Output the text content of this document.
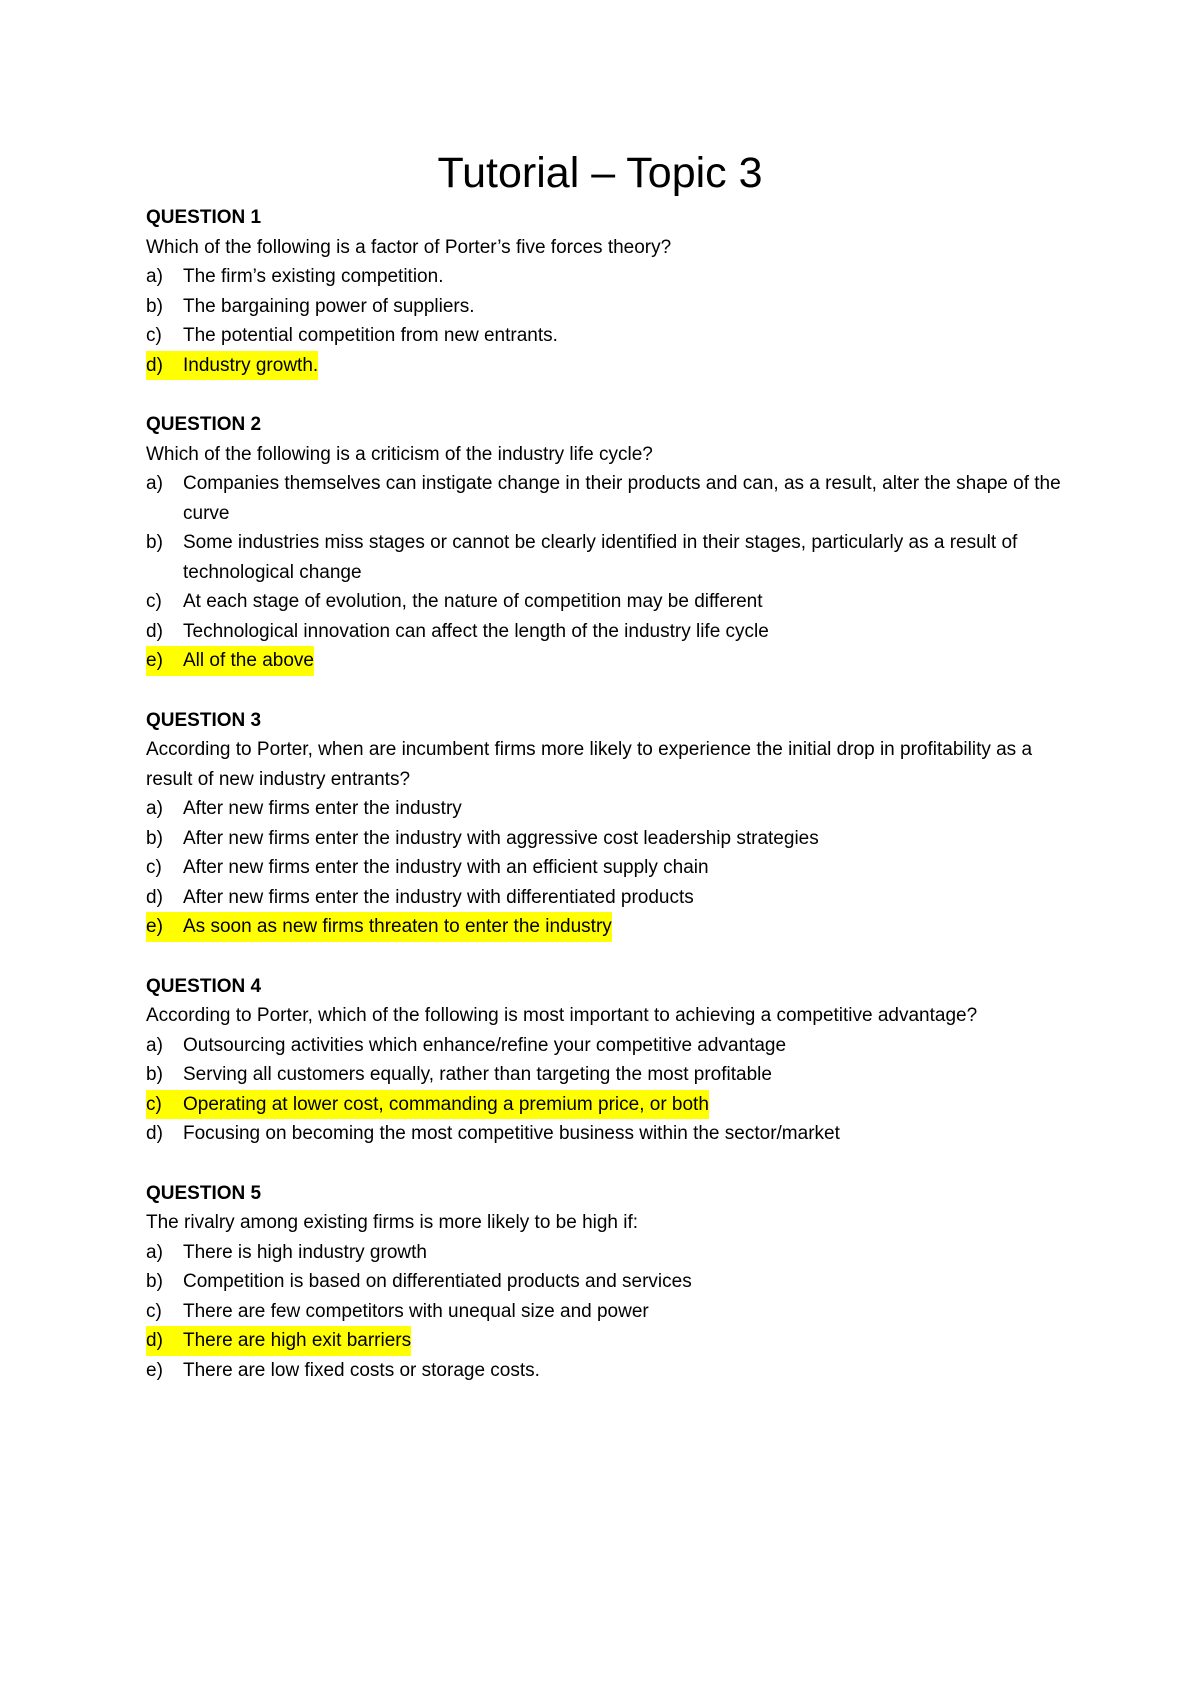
Tutorial – Topic 3

QUESTION 1

Which of the following is a factor of Porter’s five forces theory?

a)	The firm’s existing competition.
b)	The bargaining power of suppliers.
c)	The potential competition from new entrants.
d)	Industry growth.

QUESTION 2

Which of the following is a criticism of the industry life cycle?

a)	Companies themselves can instigate change in their products and can, as a result, alter the shape of the curve
b)	Some industries miss stages or cannot be clearly identified in their stages, particularly as a result of technological change
c)	At each stage of evolution, the nature of competition may be different
d)	Technological innovation can affect the length of the industry life cycle
e)	All of the above

QUESTION 3

According to Porter, when are incumbent firms more likely to experience the initial drop in profitability as a result of new industry entrants?

a)	After new firms enter the industry
b)	After new firms enter the industry with aggressive cost leadership strategies
c)	After new firms enter the industry with an efficient supply chain
d)	After new firms enter the industry with differentiated products
e)	As soon as new firms threaten to enter the industry

QUESTION 4

According to Porter, which of the following is most important to achieving a competitive advantage?

a)	Outsourcing activities which enhance/refine your competitive advantage
b)	Serving all customers equally, rather than targeting the most profitable
c)	Operating at lower cost, commanding a premium price, or both
d)	Focusing on becoming the most competitive business within the sector/market

QUESTION 5

The rivalry among existing firms is more likely to be high if:

a)	There is high industry growth
b)	Competition is based on differentiated products and services
c)	There are few competitors with unequal size and power
d)	There are high exit barriers
e)	There are low fixed costs or storage costs.
